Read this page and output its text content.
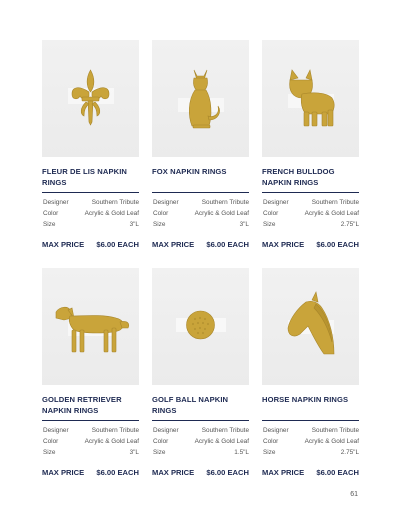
FLEUR DE LIS NAPKIN RINGS
Designer	Southern Tribute
Color	Acrylic & Gold Leaf
Size	3"L
MAX PRICE $6.00 EACH
FOX NAPKIN RINGS
Designer	Southern Tribute
Color	Acrylic & Gold Leaf
Size	3"L
MAX PRICE $6.00 EACH
FRENCH BULLDOG NAPKIN RINGS
Designer	Southern Tribute
Color	Acrylic & Gold Leaf
Size	2.75"L
MAX PRICE $6.00 EACH
GOLDEN RETRIEVER NAPKIN RINGS
Designer	Southern Tribute
Color	Acrylic & Gold Leaf
Size	3"L
MAX PRICE $6.00 EACH
GOLF BALL NAPKIN RINGS
Designer	Southern Tribute
Color	Acrylic & Gold Leaf
Size	1.5"L
MAX PRICE $6.00 EACH
HORSE NAPKIN RINGS
Designer	Southern Tribute
Color	Acrylic & Gold Leaf
Size	2.75"L
MAX PRICE $6.00 EACH
61
